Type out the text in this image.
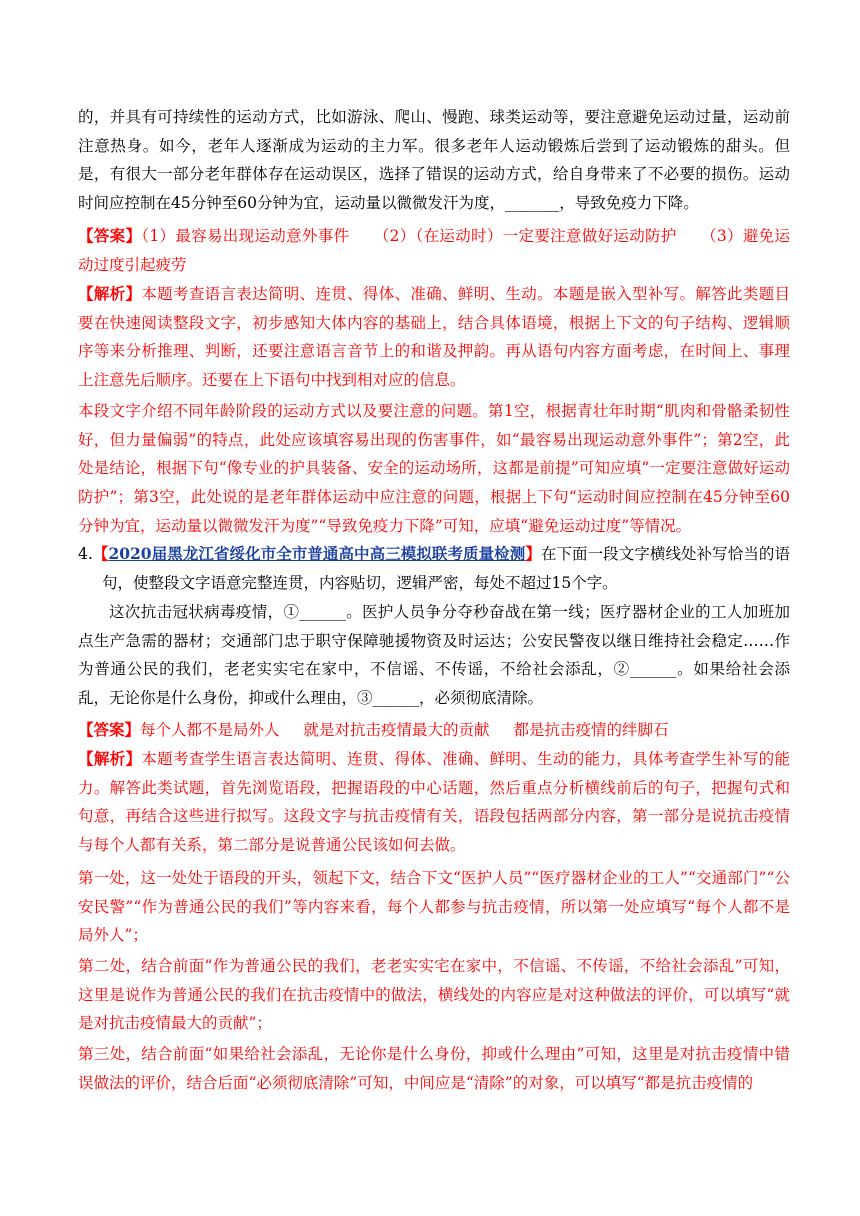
的，并具有可持续性的运动方式，比如游泳、爬山、慢跑、球类运动等，要注意避免运动过量，运动前注意热身。如今，老年人逐渐成为运动的主力军。很多老年人运动锻炼后尝到了运动锻炼的甜头。但是，有很大一部分老年群体存在运动误区，选择了错误的运动方式，给自身带来了不必要的损伤。运动时间应控制在45分钟至60分钟为宜，运动量以微微发汗为度，_______，导致免疫力下降。

【答案】（1）最容易出现运动意外事件 （2）（在运动时）一定要注意做好运动防护 （3）避免运动过度引起疲劳

【解析】本题考查语言表达简明、连贯、得体、准确、鲜明、生动。本题是嵌入型补写。解答此类题目要在快速阅读整段文字，初步感知大体内容的基础上，结合具体语境，根据上下文的句子结构、逻辑顺序等来分析推理、判断，还要注意语言音节上的和谐及押韵。再从语句内容方面考虑，在时间上、事理上注意先后顺序。还要在上下语句中找到相对应的信息。

本段文字介绍不同年龄阶段的运动方式以及要注意的问题。第1空，根据青壮年时期“肌肉和骨骼柔韧性好，但力量偏弱”的特点，此处应该填容易出现的伤害事件，如“最容易出现运动意外事件”；第2空，此处是结论，根据下句“像专业的护具装备、安全的运动场所，这都是前提”可知应填“一定要注意做好运动防护”；第3空，此处说的是老年群体运动中应注意的问题，根据上下句“运动时间应控制在45分钟至60分钟为宜，运动量以微微发汗为度”“导致免疫力下降”可知，应填“避免运动过度”等情况。

4.【2020届黑龙江省绥化市全市普通高中高三模拟联考质量检测】在下面一段文字横线处补写恰当的语句，使整段文字语意完整连贯，内容贴切，逻辑严密，每处不超过15个字。

这次抗击冠状病毒疫情，①______。医护人员争分夺秒奋战在第一线；医疗器材企业的工人加班加点生产急需的器材；交通部门忠于职守保障驰援物资及时运达；公安民警夜以继日维持社会稳定……作为普通公民的我们，老老实实宅在家中，不信谣、不传谣，不给社会添乱，②______。如果给社会添乱，无论你是什么身份，抑或什么理由，③______，必须彻底清除。

【答案】每个人都不是局外人 就是对抗击疫情最大的贡献 都是抗击疫情的绊脚石

【解析】本题考查学生语言表达简明、连贯、得体、准确、鲜明、生动的能力，具体考查学生补写的能力。解答此类试题，首先浏览语段，把握语段的中心话题，然后重点分析横线前后的句子，把握句式和句意，再结合这些进行拟写。这段文字与抗击疫情有关，语段包括两部分内容，第一部分是说抗击疫情与每个人都有关系，第二部分是说普通公民该如何去做。

第一处，这一处处于语段的开头，领起下文，结合下文“医护人员”“医疗器材企业的工人”“交通部门”“公安民警”“作为普通公民的我们”等内容来看，每个人都参与抗击疫情，所以第一处应填写“每个人都不是局外人”；

第二处，结合前面“作为普通公民的我们，老老实实宅在家中，不信谣、不传谣，不给社会添乱”可知，这里是说作为普通公民的我们在抗击疫情中的做法，横线处的内容应是对这种做法的评价，可以填写“就是对抗击疫情最大的贡献”；

第三处，结合前面“如果给社会添乱，无论你是什么身份，抑或什么理由”可知，这里是对抗击疫情中错误做法的评价，结合后面“必须彻底清除”可知，中间应是“清除”的对象，可以填写“都是抗击疫情的
